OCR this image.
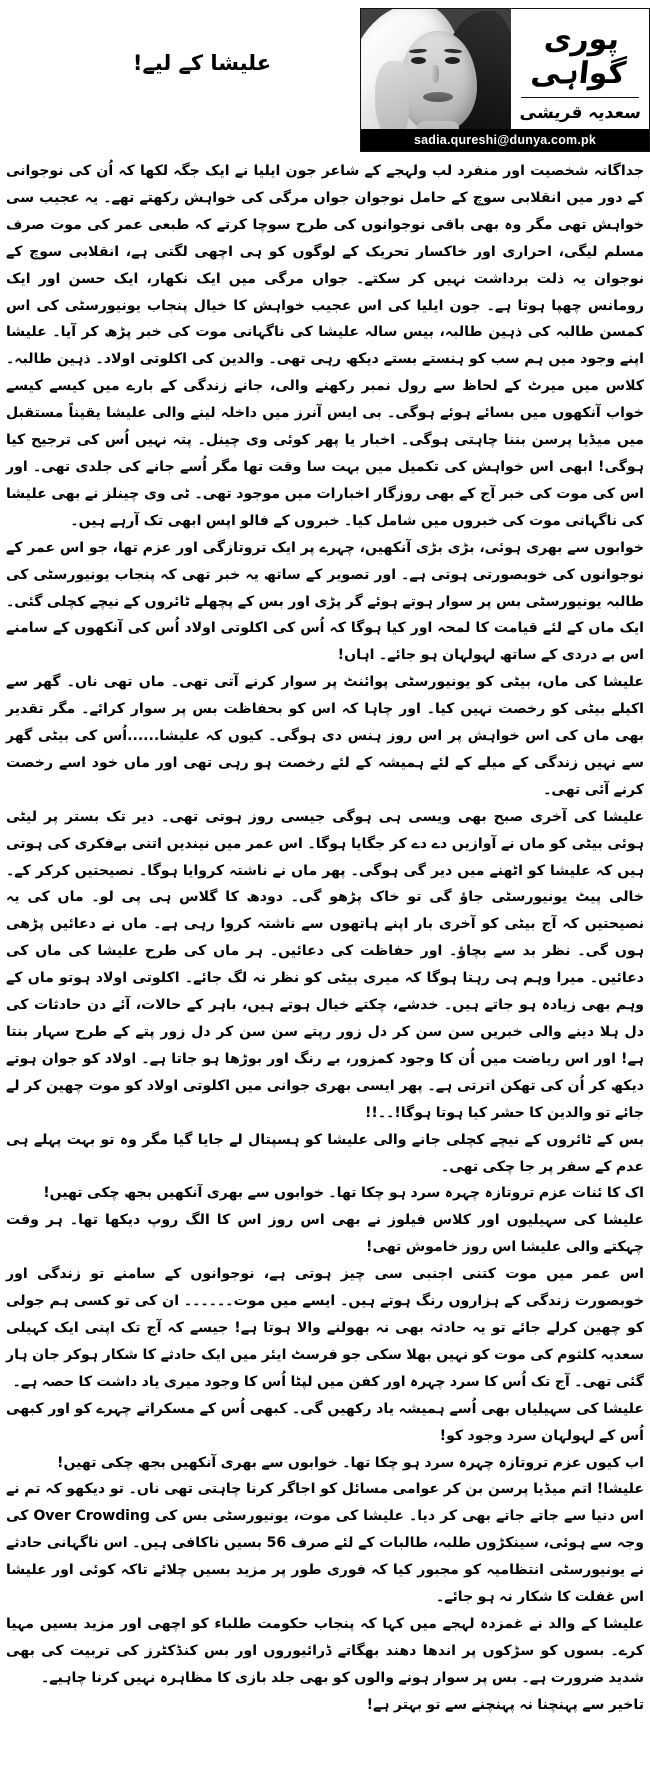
علیشا کے لیے!
پوری گواہی
سعدیہ قریشی
sadia.qureshi@dunya.com.pk

جداگانہ شخصیت اور منفرد لب ولہجے کے شاعر جون ایلیا نے ایک جگہ لکھا کہ اُن کی نوجوانی کے دور میں انقلابی سوچ کے حامل نوجوان جواں مرگی کی خواہش رکھتے تھے۔ یہ عجیب سی خواہش تھی مگر وہ بھی باقی نوجوانوں کی طرح سوچا کرتے کہ طبعی عمر کی موت صرف مسلم لیگی، احراری اور خاکسار تحریک کے لوگوں کو ہی اچھی لگتی ہے، انقلابی سوچ کے نوجوان یہ ذلت برداشت نہیں کر سکتے۔ جواں مرگی میں ایک نکھار، ایک حسن اور ایک رومانس چھپا ہوتا ہے۔ جون ایلیا کی اس عجیب خواہش کا خیال پنجاب یونیورسٹی کی اس کمسن طالبہ کی ذہین طالبہ، بیس سالہ علیشا کی ناگہانی موت کی خبر پڑھ کر آیا۔ علیشا اپنے وجود میں ہم سب کو ہنستے بستے دیکھ رہی تھی۔ والدین کی اکلوتی اولاد۔ ذہین طالبہ۔ کلاس میں میرٹ کے لحاظ سے رول نمبر رکھنے والی، جانے زندگی کے بارے میں کیسے کیسے خواب آنکھوں میں بسائے ہوئے ہوگی۔ بی ایس آنرز میں داخلہ لینے والی علیشا یقیناً مستقبل میں میڈیا پرسن بننا چاہتی ہوگی۔ اخبار یا پھر کوئی وی چینل۔ پتہ نہیں اُس کی ترجیح کیا ہوگی! ابھی اس خواہش کی تکمیل میں بہت سا وقت تھا مگر اُسے جانے کی جلدی تھی۔ اور اس کی موت کی خبر آج کے بھی روزگار اخبارات میں موجود تھی۔ ٹی وی چینلز نے بھی علیشا کی ناگہانی موت کی خبروں میں شامل کیا۔ خبروں کے فالو اپس ابھی تک آرہے ہیں۔

خوابوں سے بھری ہوئی، بڑی بڑی آنکھیں، چہرے پر ایک تروتازگی اور عزم تھا، جو اس عمر کے نوجوانوں کی خوبصورتی ہوتی ہے۔ اور تصویر کے ساتھ یہ خبر تھی کہ پنجاب یونیورسٹی کی طالبہ یونیورسٹی بس پر سوار ہوتے ہوئے گر پڑی اور بس کے پچھلے ٹائروں کے نیچے کچلی گئی۔ ایک ماں کے لئے قیامت کا لمحہ اور کیا ہوگا کہ اُس کی اکلوتی اولاد اُس کی آنکھوں کے سامنے اس بے دردی کے ساتھ لہولہان ہو جائے۔ اہاں!

علیشا کی ماں، بیٹی کو یونیورسٹی پوائنٹ پر سوار کرنے آتی تھی۔ ماں تھی ناں۔ گھر سے اکیلے بیٹی کو رخصت نہیں کیا۔ اور چاہا کہ اس کو بحفاظت بس پر سوار کرائے۔ مگر تقدیر بھی ماں کی اس خواہش پر اس روز ہنس دی ہوگی۔ کیوں کہ علیشا......اُس کی بیٹی گھر سے نہیں زندگی کے میلے کے لئے ہمیشہ کے لئے رخصت ہو رہی تھی اور ماں خود اسے رخصت کرنے آئی تھی۔

علیشا کی آخری صبح بھی ویسی ہی ہوگی جیسی روز ہوتی تھی۔ دیر تک بستر پر لیٹی ہوئی بیٹی کو ماں نے آوازیں دے دے کر جگایا ہوگا۔ اس عمر میں نیندیں اتنی بےفکری کی ہوتی ہیں کہ علیشا کو اٹھنے میں دیر گی ہوگی۔ پھر ماں نے ناشتہ کروایا ہوگا۔ نصیحتیں کرکر کے۔ خالی پیٹ یونیورسٹی جاؤ گی تو خاک پڑھو گی۔ دودھ کا گلاس ہی پی لو۔ ماں کی یہ نصیحتیں کہ آج بیٹی کو آخری بار اپنے ہاتھوں سے ناشتہ کروا رہی ہے۔ ماں نے دعائیں پڑھی ہوں گی۔ نظر بد سے بچاؤ۔ اور حفاظت کی دعائیں۔ ہر ماں کی طرح علیشا کی ماں کی دعائیں۔ میرا وہم ہی رہتا ہوگا کہ میری بیٹی کو نظر نہ لگ جائے۔ اکلوتی اولاد ہوتو ماں کے وہم بھی زیادہ ہو جاتے ہیں۔ خدشے، چکتے خیال ہوتے ہیں، باہر کے حالات، آئے دن حادثات کی دل ہلا دینے والی خبریں سن سن کر دل زور رپتے سن سن کر دل زور پتے کے طرح سہار بنتا ہے! اور اس ریاضت میں اُن کا وجود کمزور، بے رنگ اور بوڑھا ہو جاتا ہے۔ اولاد کو جوان ہوتے دیکھ کر اُن کی تھکن اترتی ہے۔ پھر ایسی بھری جوانی میں اکلوتی اولاد کو موت چھین کر لے جائے تو والدین کا حشر کیا ہوتا ہوگا!۔۔!!

بس کے ٹائروں کے نیچے کچلی جانے والی علیشا کو ہسپتال لے جایا گیا مگر وہ تو بہت پہلے ہی عدم کے سفر پر جا چکی تھی۔

اک کا ئنات عزم تروتازہ چہرہ سرد ہو چکا تھا۔ خوابوں سے بھری آنکھیں بجھ چکی تھیں!

علیشا کی سہیلیوں اور کلاس فیلوز نے بھی اس روز اس کا الگ روپ دیکھا تھا۔ ہر وقت چہکتے والی علیشا اس روز خاموش تھی!

اس عمر میں موت کتنی اجنبی سی چیز ہوتی ہے، نوجوانوں کے سامنے تو زندگی اور خوبصورت زندگی کے ہزاروں رنگ ہوتے ہیں۔ ایسے میں موت۔۔۔۔۔۔ ان کی تو کسی ہم جولی کو چھین کرلے جائے تو یہ حادثہ بھی نہ بھولنے والا ہوتا ہے! جیسے کہ آج تک اپنی ایک کہیلی سعدیہ کلثوم کی موت کو نہیں بھلا سکی جو فرسٹ ایئر میں ایک حادثے کا شکار ہوکر جان ہار گئی تھی۔ آج تک اُس کا سرد چہرہ اور کفن میں لپٹا اُس کا وجود میری یاد داشت کا حصہ ہے۔

علیشا کی سہیلیاں بھی اُسے ہمیشہ یاد رکھیں گی۔ کبھی اُس کے مسکراتے چہرے کو اور کبھی اُس کے لہولہان سرد وجود کو!

اب کیوں عزم تروتازہ چہرہ سرد ہو چکا تھا۔ خوابوں سے بھری آنکھیں بجھ چکی تھیں!

علیشا! اتم میڈیا پرسن بن کر عوامی مسائل کو اجاگر کرنا چاہتی تھی ناں۔ تو دیکھو کہ تم نے اس دنیا سے جاتے جاتے بھی کر دیا۔ علیشا کی موت، یونیورسٹی بس کی Over Crowding کی وجہ سے ہوئی، سینکڑوں طلبہ، طالبات کے لئے صرف 56 بسیں ناکافی ہیں۔ اس ناگہانی حادثے نے یونیورسٹی انتظامیہ کو مجبور کیا کہ فوری طور پر مزید بسیں چلائے تاکہ کوئی اور علیشا اس غفلت کا شکار نہ ہو جائے۔

علیشا کے والد نے غمزدہ لہجے میں کہا کہ پنجاب حکومت طلباء کو اچھی اور مزید بسیں مہیا کرے۔ بسوں کو سڑکوں پر اندھا دھند بھگاتے ڈرائیوروں اور بس کنڈکٹرز کی تربیت کی بھی شدید ضرورت ہے۔ بس پر سوار ہونے والوں کو بھی جلد بازی کا مظاہرہ نہیں کرنا چاہیے۔

تاخیر سے پہنچنا نہ پہنچنے سے تو بہتر ہے!
